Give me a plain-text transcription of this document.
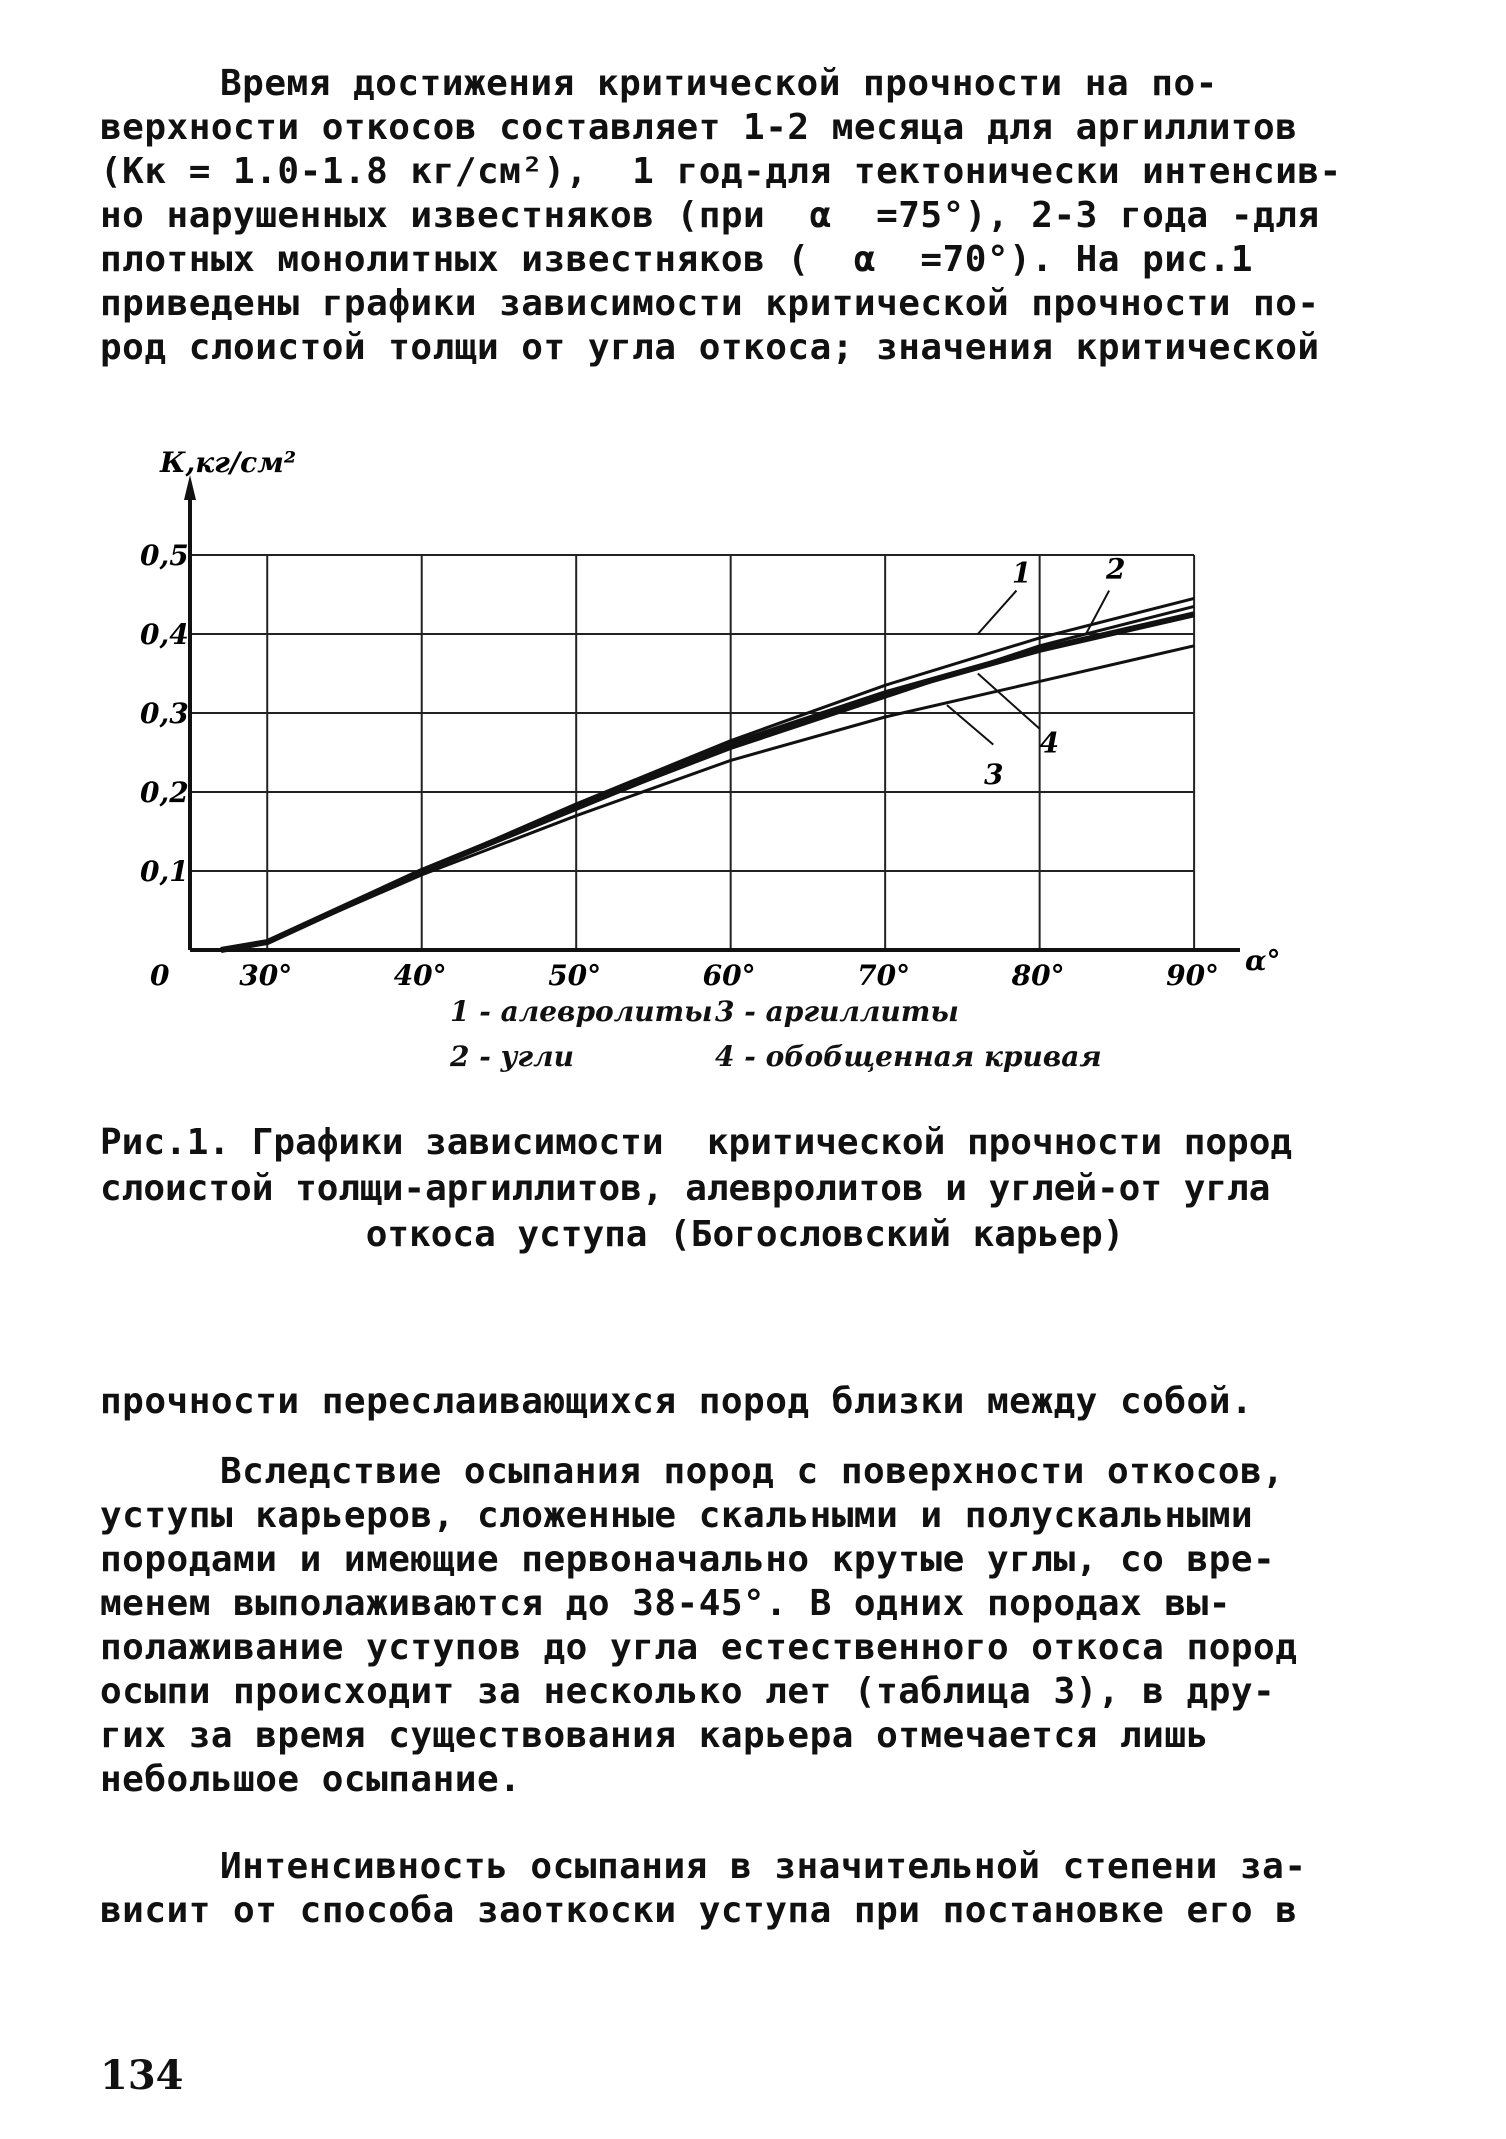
Время достижения критической прочности на по-
верхности откосов составляет 1-2 месяца для аргиллитов
(Кк = 1.0-1.8 кг/см²),  1 год-для тектонически интенсив-
но нарушенных известняков (при  α  =75°), 2-3 года -для
плотных монолитных известняков (  α  =70°). На рис.1
приведены графики зависимости критической прочности по-
род слоистой толщи от угла откоса; значения критической
К,кг/см²
α°
0
0,1
0,2
0,3
0,4
0,5
30°	40°	50°	60°	70°	80°	90°
1	2
3
4
1 - алевролиты 3 - аргиллиты
2 - угли	4 - обобщенная кривая
Рис.1. Графики зависимости  критической прочности пород
слоистой толщи-аргиллитов, алевролитов и углей-от угла
откоса уступа (Богословский карьер)
прочности переслаивающихся пород близки между собой.
Вследствие осыпания пород с поверхности откосов,
уступы карьеров, сложенные скальными и полускальными
породами и имеющие первоначально крутые углы, со вре-
менем выполаживаются до 38-45°. В одних породах вы-
полаживание уступов до угла естественного откоса пород
осыпи происходит за несколько лет (таблица 3), в дру-
гих за время существования карьера отмечается лишь
небольшое осыпание.
Интенсивность осыпания в значительной степени за-
висит от способа заоткоски уступа при постановке его в
134
